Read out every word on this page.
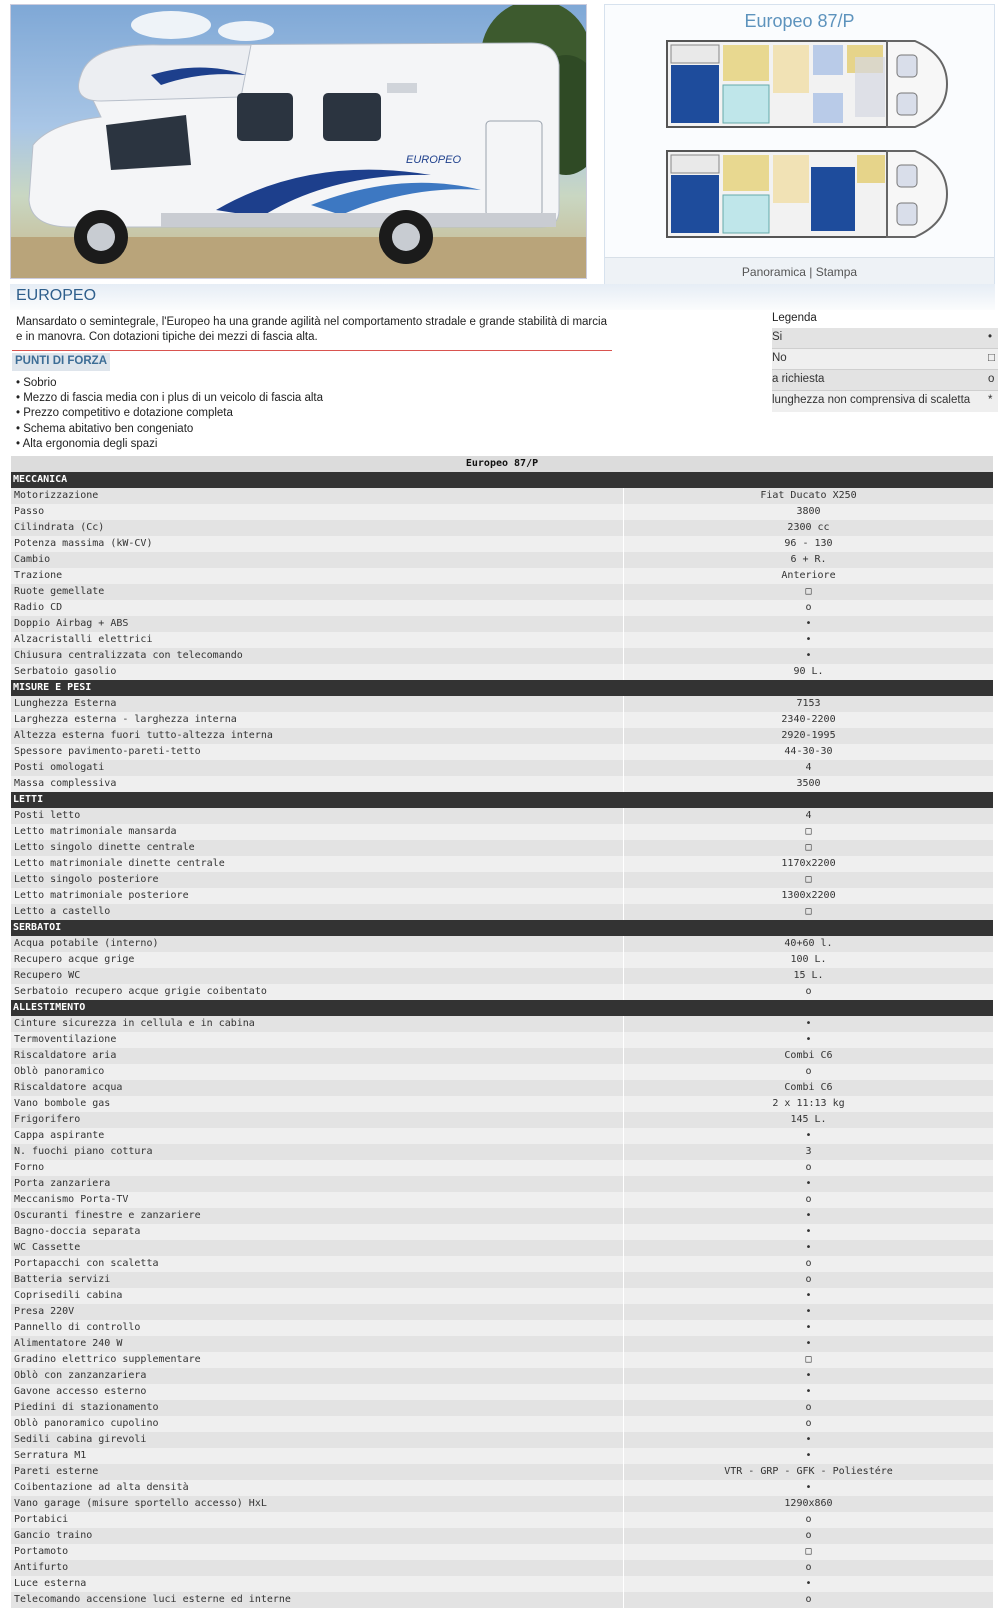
EUROPEO
Europeo 87/P
Panoramica | Stampa
EUROPEO
Mansardato o semintegrale, l'Europeo ha una grande agilità nel comportamento stradale e grande stabilità di marcia e in manovra. Con dotazioni tipiche dei mezzi di fascia alta.
PUNTI DI FORZA
• Sobrio
• Mezzo di fascia media con i plus di un veicolo di fascia alta
• Prezzo competitivo e dotazione completa
• Schema abitativo ben congeniato
• Alta ergonomia degli spazi
Legenda
Si	•
No	□
a richiesta	o
lunghezza non comprensiva di scaletta *
Europeo 87/P
MECCANICA
Motorizzazione	Fiat Ducato X250
Passo	3800
Cilindrata (Cc)	2300 cc
Potenza massima (kW-CV)	96 - 130
Cambio	6 + R.
Trazione	Anteriore
Ruote gemellate	□
Radio CD	o
Doppio Airbag + ABS	•
Alzacristalli elettrici	•
Chiusura centralizzata con telecomando	•
Serbatoio gasolio	90 L.
MISURE E PESI
Lunghezza Esterna	7153
Larghezza esterna - larghezza interna	2340-2200
Altezza esterna fuori tutto-altezza interna	2920-1995
Spessore pavimento-pareti-tetto	44-30-30
Posti omologati	4
Massa complessiva	3500
LETTI
Posti letto	4
Letto matrimoniale mansarda	□
Letto singolo dinette centrale	□
Letto matrimoniale dinette centrale	1170x2200
Letto singolo posteriore	□
Letto matrimoniale posteriore	1300x2200
Letto a castello	□
SERBATOI
Acqua potabile (interno)	40+60 l.
Recupero acque grige	100 L.
Recupero WC	15 L.
Serbatoio recupero acque grigie coibentato	o
ALLESTIMENTO
Cinture sicurezza in cellula e in cabina	•
Termoventilazione	•
Riscaldatore aria	Combi C6
Oblò panoramico	o
Riscaldatore acqua	Combi C6
Vano bombole gas	2 x 11:13 kg
Frigorifero	145 L.
Cappa aspirante	•
N. fuochi piano cottura	3
Forno	o
Porta zanzariera	•
Meccanismo Porta-TV	o
Oscuranti finestre e zanzariere	•
Bagno-doccia separata	•
WC Cassette	•
Portapacchi con scaletta	o
Batteria servizi	o
Coprisedili cabina	•
Presa 220V	•
Pannello di controllo	•
Alimentatore 240 W	•
Gradino elettrico supplementare	□
Oblò con zanzanzariera	•
Gavone accesso esterno	•
Piedini di stazionamento	o
Oblò panoramico cupolino	o
Sedili cabina girevoli	•
Serratura M1	•
Pareti esterne	VTR - GRP - GFK - Poliestére
Coibentazione ad alta densità	•
Vano garage (misure sportello accesso) HxL	1290x860
Portabici	o
Gancio traino	o
Portamoto	□
Antifurto	o
Luce esterna	•
Telecomando accensione luci esterne ed interne	o
